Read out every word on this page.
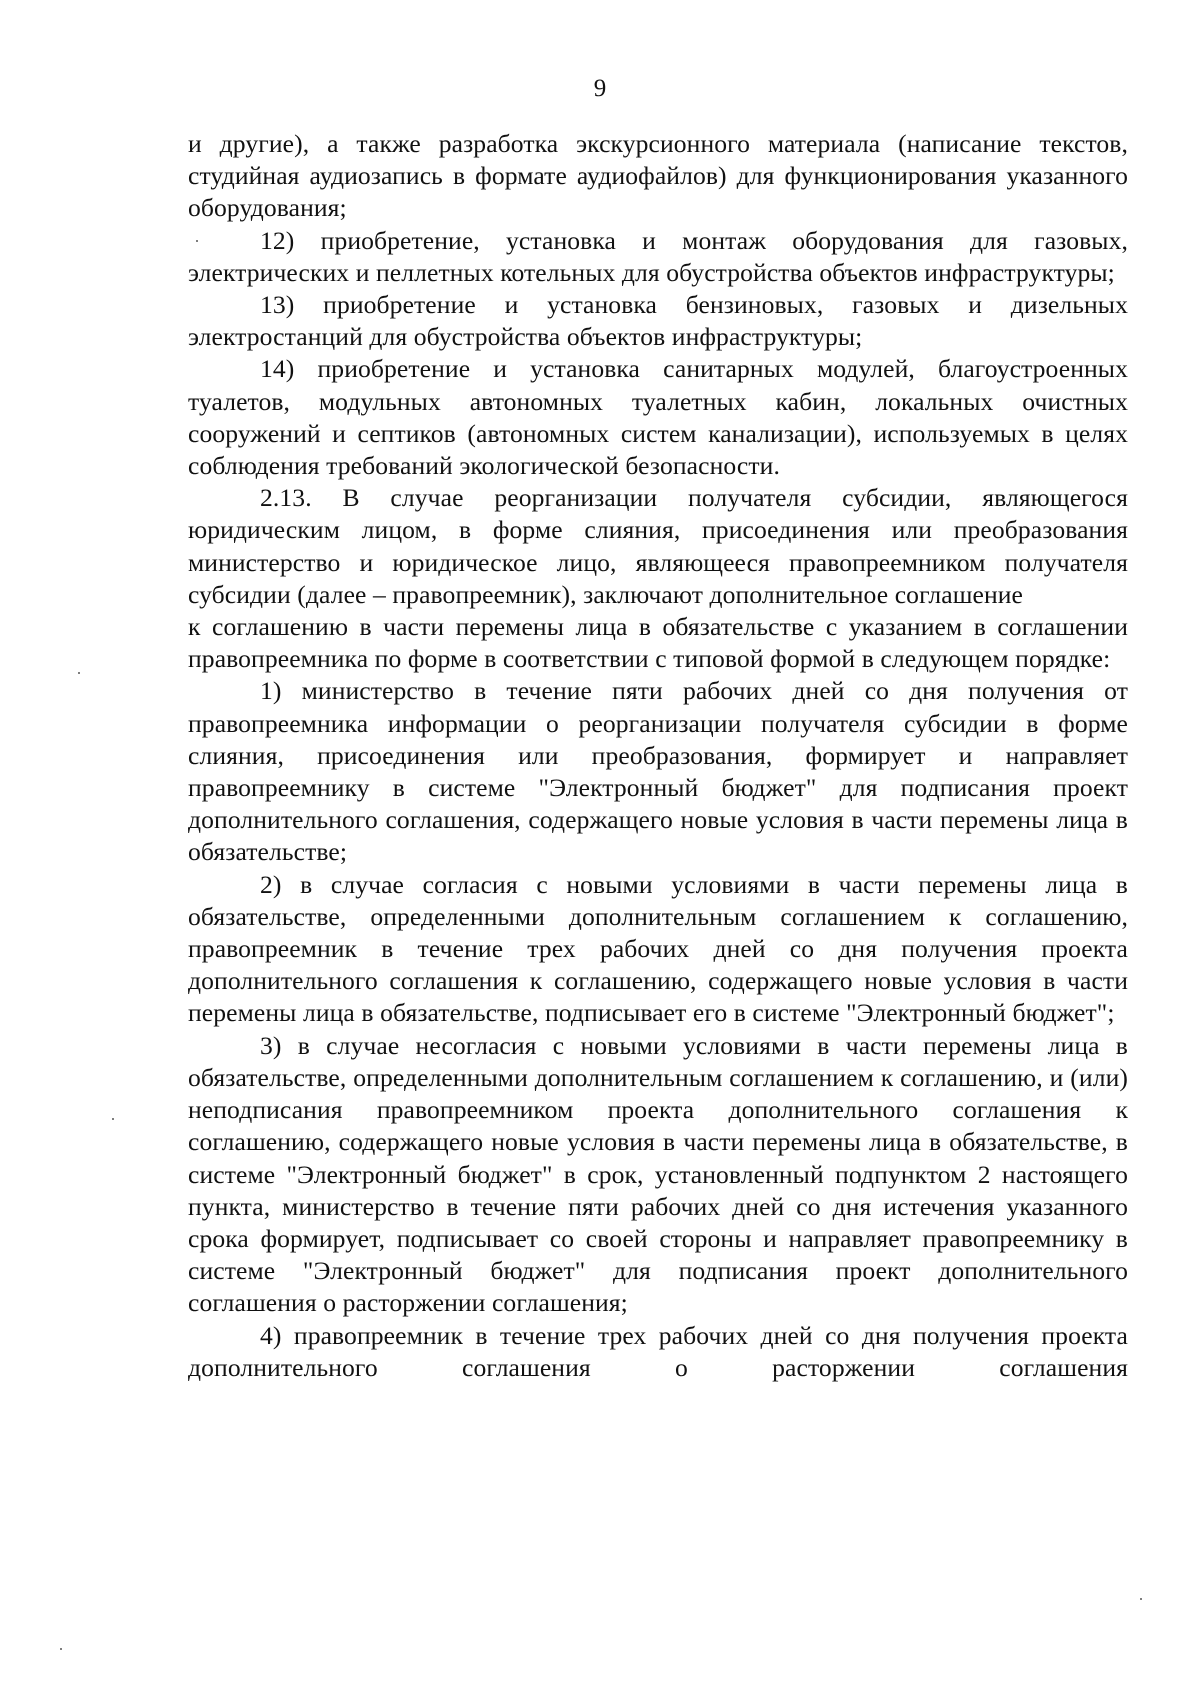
9

и другие), а также разработка экскурсионного материала (написание текстов, студийная аудиозапись в формате аудиофайлов) для функционирования указанного оборудования;

12) приобретение, установка и монтаж оборудования для газовых, электрических и пеллетных котельных для обустройства объектов инфраструктуры;

13) приобретение и установка бензиновых, газовых и дизельных электростанций для обустройства объектов инфраструктуры;

14) приобретение и установка санитарных модулей, благоустроенных туалетов, модульных автономных туалетных кабин, локальных очистных сооружений и септиков (автономных систем канализации), используемых в целях соблюдения требований экологической безопасности.

2.13. В случае реорганизации получателя субсидии, являющегося юридическим лицом, в форме слияния, присоединения или преобразования министерство и юридическое лицо, являющееся правопреемником получателя субсидии (далее – правопреемник), заключают дополнительное соглашение

к соглашению в части перемены лица в обязательстве с указанием в соглашении правопреемника по форме в соответствии с типовой формой в следующем порядке:

1) министерство в течение пяти рабочих дней со дня получения от правопреемника информации о реорганизации получателя субсидии в форме слияния, присоединения или преобразования, формирует и направляет правопреемнику в системе "Электронный бюджет" для подписания проект дополнительного соглашения, содержащего новые условия в части перемены лица в обязательстве;

2) в случае согласия с новыми условиями в части перемены лица в обязательстве, определенными дополнительным соглашением к соглашению, правопреемник в течение трех рабочих дней со дня получения проекта дополнительного соглашения к соглашению, содержащего новые условия в части перемены лица в обязательстве, подписывает его в системе "Электронный бюджет";

3) в случае несогласия с новыми условиями в части перемены лица в обязательстве, определенными дополнительным соглашением к соглашению, и (или) неподписания правопреемником проекта дополнительного соглашения к соглашению, содержащего новые условия в части перемены лица в обязательстве, в системе "Электронный бюджет" в срок, установленный подпунктом 2 настоящего пункта, министерство в течение пяти рабочих дней со дня истечения указанного срока формирует, подписывает со своей стороны и направляет правопреемнику в системе "Электронный бюджет" для подписания проект дополнительного соглашения о расторжении соглашения;

4) правопреемник в течение трех рабочих дней со дня получения проекта дополнительного соглашения о расторжении соглашения
